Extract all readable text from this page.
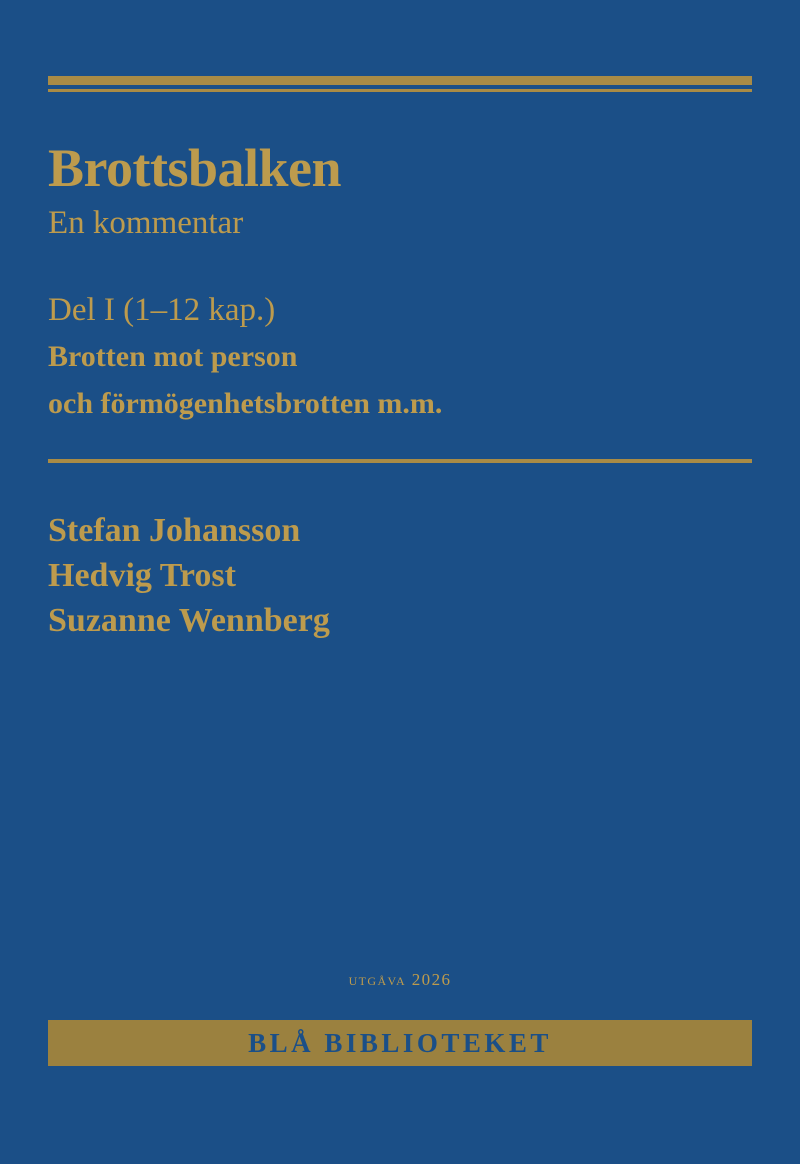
Brottsbalken

En kommentar

Del I (1–12 kap.)

Brotten mot person

och förmögenhetsbrotten m.m.

Stefan Johansson

Hedvig Trost

Suzanne Wennberg

utgåva 2026
BLÅ BIBLIOTEKET
